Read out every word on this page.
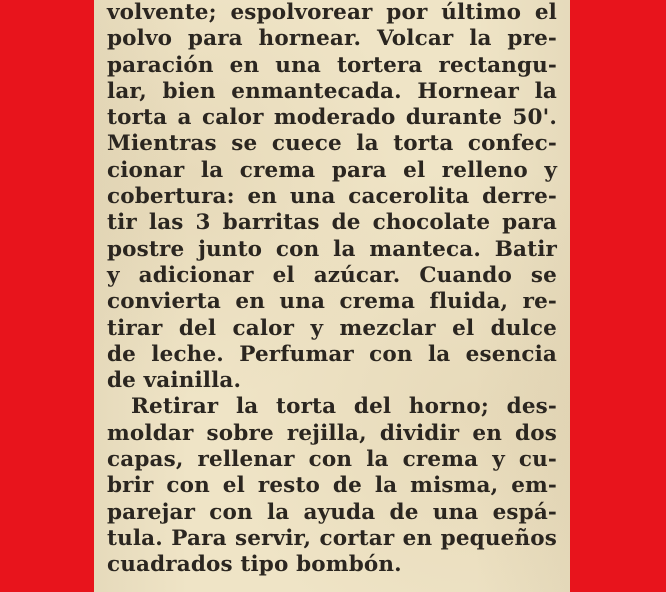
volvente; espolvorear por último el
polvo para hornear. Volcar la pre-
paración en una tortera rectangu-
lar, bien enmantecada. Hornear la
torta a calor moderado durante 50'.
Mientras se cuece la torta confec-
cionar la crema para el relleno y
cobertura: en una cacerolita derre-
tir las 3 barritas de chocolate para
postre junto con la manteca. Batir
y adicionar el azúcar. Cuando se
convierta en una crema fluida, re-
tirar del calor y mezclar el dulce
de leche. Perfumar con la esencia
de vainilla.
Retirar la torta del horno; des-
moldar sobre rejilla, dividir en dos
capas, rellenar con la crema y cu-
brir con el resto de la misma, em-
parejar con la ayuda de una espá-
tula. Para servir, cortar en pequeños
cuadrados tipo bombón.
